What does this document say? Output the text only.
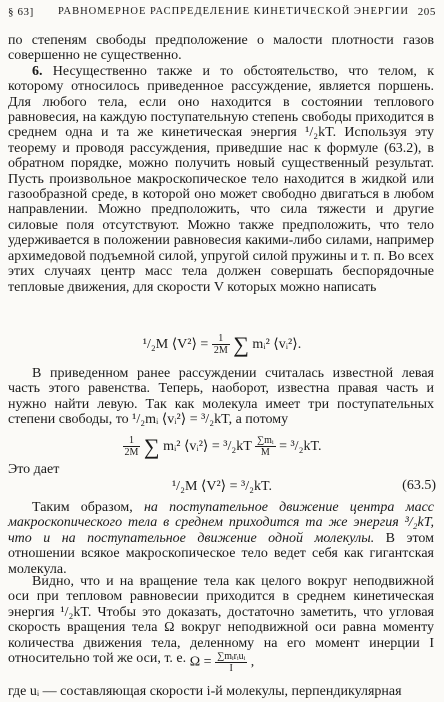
§ 63] РАВНОМЕРНОЕ РАСПРЕДЕЛЕНИЕ КИНЕТИЧЕСКОЙ ЭНЕРГИИ 205

по степеням свободы предположение о малости плотности газов совершенно не существенно.

6. Несущественно также и то обстоятельство, что телом, к которому относилось приведенное рассуждение, является поршень. Для любого тела, если оно находится в состоянии теплового равновесия, на каждую поступательную степень свободы приходится в среднем одна и та же кинетическая энергия ¹/₂kT. Используя эту теорему и проводя рассуждения, приведшие нас к формуле (63.2), в обратном порядке, можно получить новый существенный результат. Пусть произвольное макроскопическое тело находится в жидкой или газообразной среде, в которой оно может свободно двигаться в любом направлении. Можно предположить, что сила тяжести и другие силовые поля отсутствуют. Можно также предположить, что тело удерживается в положении равновесия какими-либо силами, например архимедовой подъемной силой, упругой силой пружины и т. п. Во всех этих случаях центр масс тела должен совершать беспорядочные тепловые движения, для скорости V которых можно написать

¹/₂M ⟨V²⟩ = $\frac{1}{2M}$ ∑ mᵢ² ⟨vᵢ²⟩.

В приведенном ранее рассуждении считалась известной левая часть этого равенства. Теперь, наоборот, известна правая часть и нужно найти левую. Так как молекула имеет три поступательных степени свободы, то ¹/₂mᵢ ⟨vᵢ²⟩ = ³/₂kT, а потому

$\frac{1}{2M}$ ∑ mᵢ² ⟨vᵢ²⟩ = $^3/_2kT \frac{\text{∑mᵢ}}{M} = ^3/_2kT$.

Это дает

¹/₂M ⟨V²⟩ = ³/₂kT.	(63.5)

Таким образом, на поступательное движение центра масс макроскопического тела в среднем приходится та же энергия ³/₂kT, что и на поступательное движение одной молекулы. В этом отношении всякое макроскопическое тело ведет себя как гигантская молекула.

Видно, что и на вращение тела как целого вокруг неподвижной оси при тепловом равновесии приходится в среднем кинетическая энергия ¹/₂kT. Чтобы это доказать, достаточно заметить, что угловая скорость вращения тела Ω вокруг неподвижной оси равна моменту количества движения тела, деленному на его момент инерции I относительно той же оси, т. е. $\Omega = \frac{\text{∑mᵢrᵢuᵢ}}{I}$ ,

где uᵢ — составляющая скорости i-й молекулы, перпендикулярная
